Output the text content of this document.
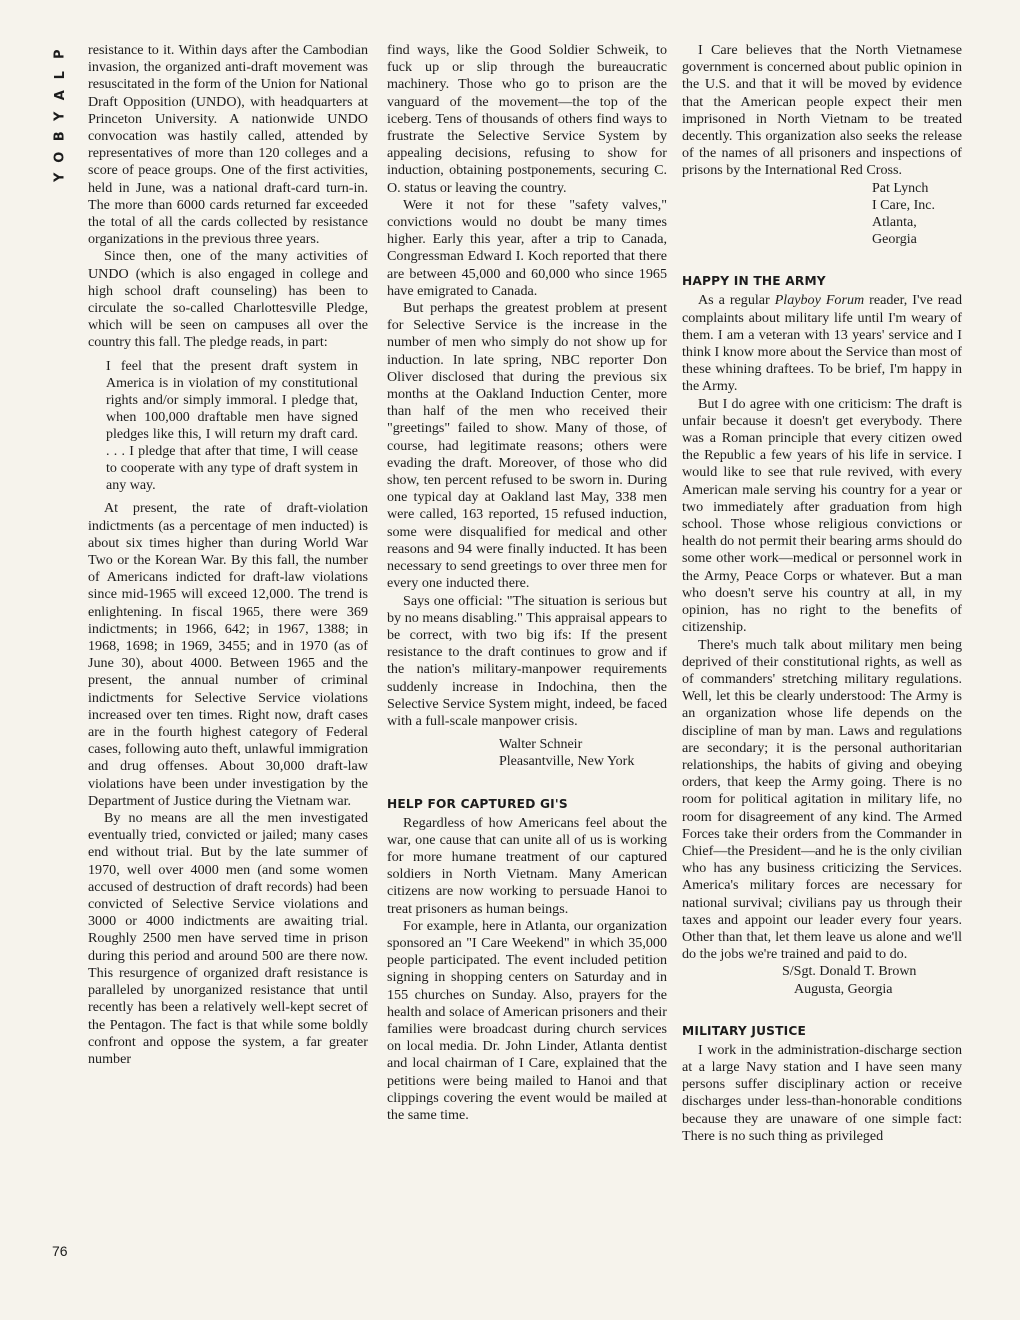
P
L
A
Y
B
O
Y
76

resistance to it. Within days after the Cambodian invasion, the organized anti-draft movement was resuscitated in the form of the Union for National Draft Opposition (UNDO), with headquarters at Princeton University. A nationwide UNDO convocation was hastily called, attended by representatives of more than 120 colleges and a score of peace groups. One of the first activities, held in June, was a national draft-card turn-in. The more than 6000 cards returned far exceeded the total of all the cards collected by resistance organizations in the previous three years.

Since then, one of the many activities of UNDO (which is also engaged in college and high school draft counseling) has been to circulate the so-called Charlottesville Pledge, which will be seen on campuses all over the country this fall. The pledge reads, in part:

I feel that the present draft system in America is in violation of my constitutional rights and/or simply immoral. I pledge that, when 100,000 draftable men have signed pledges like this, I will return my draft card. . . . I pledge that after that time, I will cease to cooperate with any type of draft system in any way.

At present, the rate of draft-violation indictments (as a percentage of men inducted) is about six times higher than during World War Two or the Korean War. By this fall, the number of Americans indicted for draft-law violations since mid-1965 will exceed 12,000. The trend is enlightening. In fiscal 1965, there were 369 indictments; in 1966, 642; in 1967, 1388; in 1968, 1698; in 1969, 3455; and in 1970 (as of June 30), about 4000. Between 1965 and the present, the annual number of criminal indictments for Selective Service violations increased over ten times. Right now, draft cases are in the fourth highest category of Federal cases, following auto theft, unlawful immigration and drug offenses. About 30,000 draft-law violations have been under investigation by the Department of Justice during the Vietnam war.

By no means are all the men investigated eventually tried, convicted or jailed; many cases end without trial. But by the late summer of 1970, well over 4000 men (and some women accused of destruction of draft records) had been convicted of Selective Service violations and 3000 or 4000 indictments are awaiting trial. Roughly 2500 men have served time in prison during this period and around 500 are there now. This resurgence of organized draft resistance is paralleled by unorganized resistance that until recently has been a relatively well-kept secret of the Pentagon. The fact is that while some boldly confront and oppose the system, a far greater number

find ways, like the Good Soldier Schweik, to fuck up or slip through the bureaucratic machinery. Those who go to prison are the vanguard of the movement—the top of the iceberg. Tens of thousands of others find ways to frustrate the Selective Service System by appealing decisions, refusing to show for induction, obtaining postponements, securing C. O. status or leaving the country.

Were it not for these "safety valves," convictions would no doubt be many times higher. Early this year, after a trip to Canada, Congressman Edward I. Koch reported that there are between 45,000 and 60,000 who since 1965 have emigrated to Canada.

But perhaps the greatest problem at present for Selective Service is the increase in the number of men who simply do not show up for induction. In late spring, NBC reporter Don Oliver disclosed that during the previous six months at the Oakland Induction Center, more than half of the men who received their "greetings" failed to show. Many of those, of course, had legitimate reasons; others were evading the draft. Moreover, of those who did show, ten percent refused to be sworn in. During one typical day at Oakland last May, 338 men were called, 163 reported, 15 refused induction, some were disqualified for medical and other reasons and 94 were finally inducted. It has been necessary to send greetings to over three men for every one inducted there.

Says one official: "The situation is serious but by no means disabling." This appraisal appears to be correct, with two big ifs: If the present resistance to the draft continues to grow and if the nation's military-manpower requirements suddenly increase in Indochina, then the Selective Service System might, indeed, be faced with a full-scale manpower crisis.

Walter Schneir
Pleasantville, New York
HELP FOR CAPTURED GI'S

Regardless of how Americans feel about the war, one cause that can unite all of us is working for more humane treatment of our captured soldiers in North Vietnam. Many American citizens are now working to persuade Hanoi to treat prisoners as human beings.

For example, here in Atlanta, our organization sponsored an "I Care Weekend" in which 35,000 people participated. The event included petition signing in shopping centers on Saturday and in 155 churches on Sunday. Also, prayers for the health and solace of American prisoners and their families were broadcast during church services on local media. Dr. John Linder, Atlanta dentist and local chairman of I Care, explained that the petitions were being mailed to Hanoi and that clippings covering the event would be mailed at the same time.

I Care believes that the North Vietnamese government is concerned about public opinion in the U.S. and that it will be moved by evidence that the American people expect their men imprisoned in North Vietnam to be treated decently. This organization also seeks the release of the names of all prisoners and inspections of prisons by the International Red Cross.

Pat Lynch
I Care, Inc.
Atlanta, Georgia
HAPPY IN THE ARMY

As a regular Playboy Forum reader, I've read complaints about military life until I'm weary of them. I am a veteran with 13 years' service and I think I know more about the Service than most of these whining draftees. To be brief, I'm happy in the Army.

But I do agree with one criticism: The draft is unfair because it doesn't get everybody. There was a Roman principle that every citizen owed the Republic a few years of his life in service. I would like to see that rule revived, with every American male serving his country for a year or two immediately after graduation from high school. Those whose religious convictions or health do not permit their bearing arms should do some other work—medical or personnel work in the Army, Peace Corps or whatever. But a man who doesn't serve his country at all, in my opinion, has no right to the benefits of citizenship.

There's much talk about military men being deprived of their constitutional rights, as well as of commanders' stretching military regulations. Well, let this be clearly understood: The Army is an organization whose life depends on the discipline of man by man. Laws and regulations are secondary; it is the personal authoritarian relationships, the habits of giving and obeying orders, that keep the Army going. There is no room for political agitation in military life, no room for disagreement of any kind. The Armed Forces take their orders from the Commander in Chief—the President—and he is the only civilian who has any business criticizing the Services. America's military forces are necessary for national survival; civilians pay us through their taxes and appoint our leader every four years. Other than that, let them leave us alone and we'll do the jobs we're trained and paid to do.

S/Sgt. Donald T. Brown
Augusta, Georgia
MILITARY JUSTICE

I work in the administration-discharge section at a large Navy station and I have seen many persons suffer disciplinary action or receive discharges under less-than-honorable conditions because they are unaware of one simple fact: There is no such thing as privileged
